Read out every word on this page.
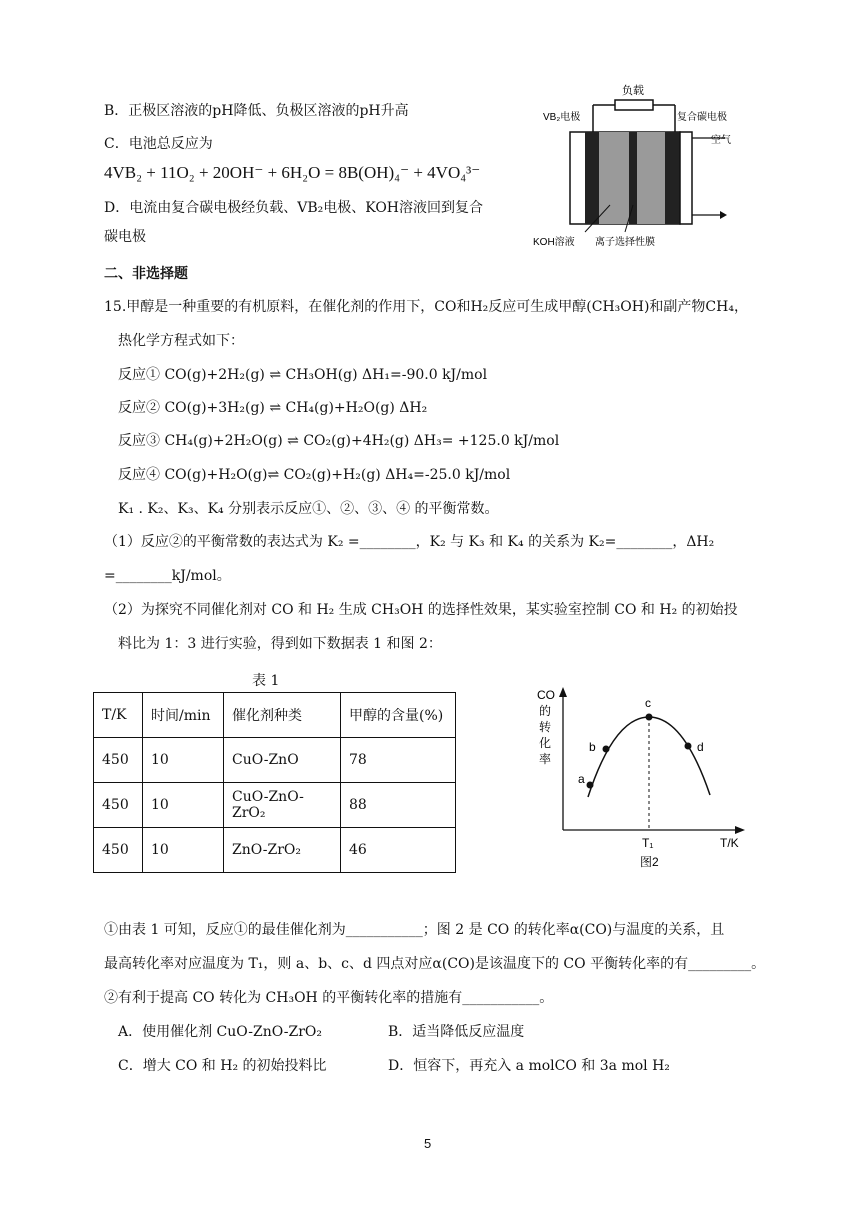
B．正极区溶液的pH降低、负极区溶液的pH升高
C．电池总反应为
4VB₂ + 11O₂ + 20OH⁻ + 6H₂O = 8B(OH)₄⁻ + 4VO₄³⁻
D．电流由复合碳电极经负载、VB₂电极、KOH溶液回到复合
碳电极
负载
VB₂电极	复合碳电极
空气
KOH溶液 离子选择性膜
二、非选择题
15.甲醇是一种重要的有机原料，在催化剂的作用下，CO和H₂反应可生成甲醇(CH₃OH)和副产物CH₄，
热化学方程式如下：
反应① CO(g)+2H₂(g) ⇌ CH₃OH(g) ΔH₁=-90.0 kJ/mol
反应② CO(g)+3H₂(g) ⇌ CH₄(g)+H₂O(g) ΔH₂
反应③ CH₄(g)+2H₂O(g) ⇌ CO₂(g)+4H₂(g) ΔH₃= +125.0 kJ/mol
反应④ CO(g)+H₂O(g)⇌ CO₂(g)+H₂(g) ΔH₄=-25.0 kJ/mol
K₁ . K₂、K₃、K₄ 分别表示反应①、②、③、④ 的平衡常数。
（1）反应②的平衡常数的表达式为 K₂ =________，K₂ 与 K₃ 和 K₄ 的关系为 K₂=________，ΔH₂
=________kJ/mol。
（2）为探究不同催化剂对 CO 和 H₂ 生成 CH₃OH 的选择性效果，某实验室控制 CO 和 H₂ 的初始投
料比为 1：3 进行实验，得到如下数据表 1 和图 2：
表 1
T/K	时间/min	催化剂种类	甲醇的含量(%)
450	10	CuO-ZnO	78
450	10	CuO-ZnO-ZrO₂	88
450	10	ZnO-ZrO₂	46
CO
的
转
化
率
a
b
c
d
T₁	T/K
图2
①由表 1 可知，反应①的最佳催化剂为___________；图 2 是 CO 的转化率α(CO)与温度的关系，且
最高转化率对应温度为 T₁，则 a、b、c、d 四点对应α(CO)是该温度下的 CO 平衡转化率的有_________。
②有利于提高 CO 转化为 CH₃OH 的平衡转化率的措施有___________。
A．使用催化剂 CuO-ZnO-ZrO₂	B．适当降低反应温度
C．增大 CO 和 H₂ 的初始投料比	D．恒容下，再充入 a molCO 和 3a mol H₂
5
